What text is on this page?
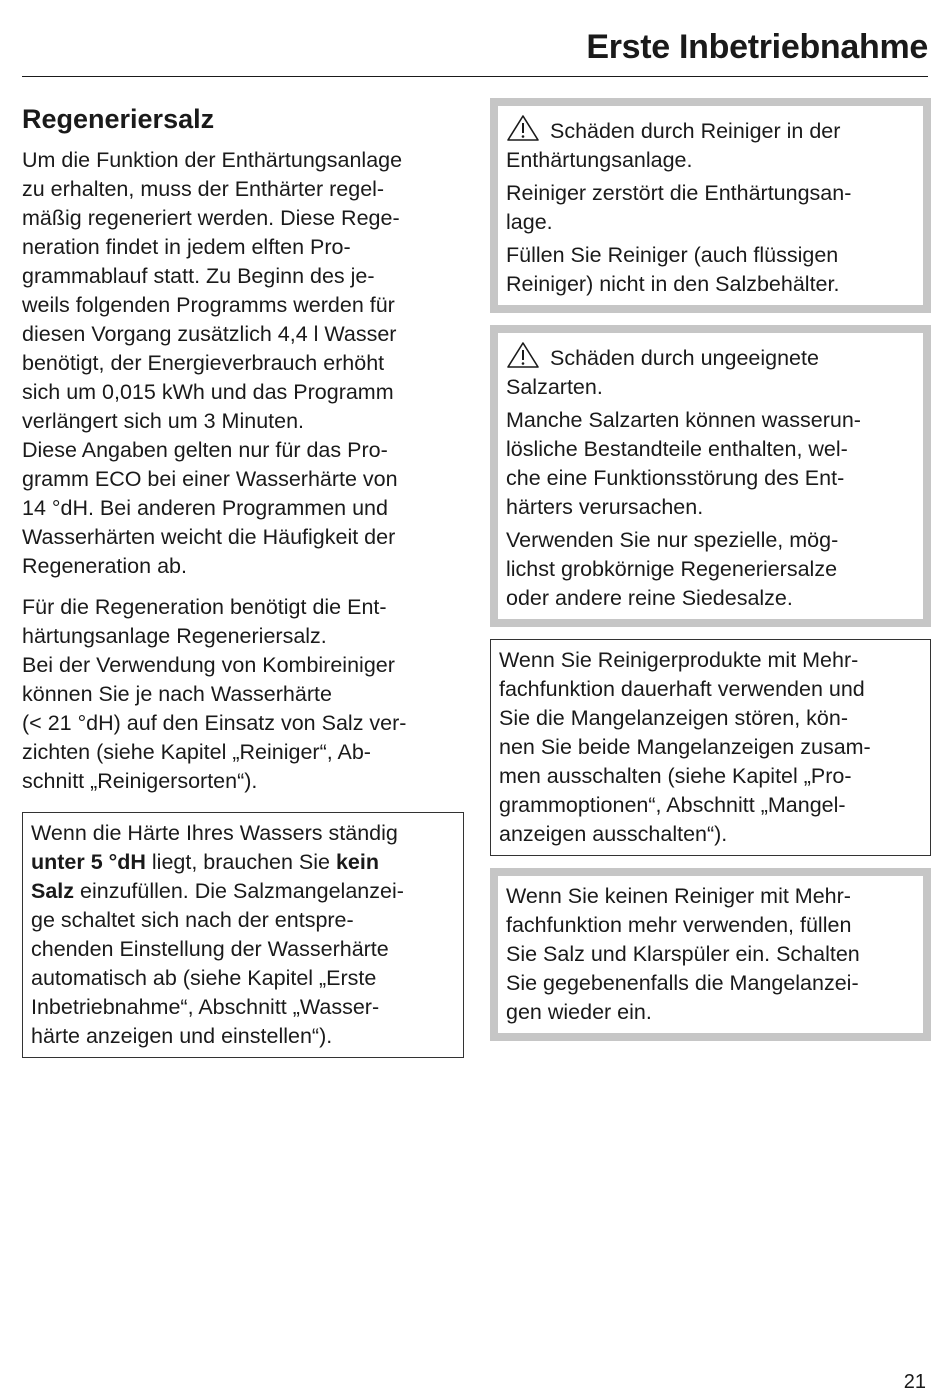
Erste Inbetriebnahme
Regeneriersalz

Um die Funktion der Enthärtungsanlage
zu erhalten, muss der Enthärter regel-
mäßig regeneriert werden. Diese Rege-
neration findet in jedem elften Pro-
grammablauf statt. Zu Beginn des je-
weils folgenden Programms werden für
diesen Vorgang zusätzlich 4,4 l Wasser
benötigt, der Energieverbrauch erhöht
sich um 0,015 kWh und das Programm
verlängert sich um 3 Minuten.
Diese Angaben gelten nur für das Pro-
gramm ECO bei einer Wasserhärte von
14 °dH. Bei anderen Programmen und
Wasserhärten weicht die Häufigkeit der
Regeneration ab.

Für die Regeneration benötigt die Ent-
härtungsanlage Regeneriersalz.
Bei der Verwendung von Kombireiniger
können Sie je nach Wasserhärte
(< 21 °dH) auf den Einsatz von Salz ver-
zichten (siehe Kapitel „Reiniger“, Ab-
schnitt „Reinigersorten“).

Wenn die Härte Ihres Wassers ständig
unter 5 °dH liegt, brauchen Sie kein
Salz einzufüllen. Die Salzmangelanzei-
ge schaltet sich nach der entspre-
chenden Einstellung der Wasserhärte
automatisch ab (siehe Kapitel „Erste
Inbetriebnahme“, Abschnitt „Wasser-
härte anzeigen und einstellen“).

Schäden durch Reiniger in der
Enthärtungsanlage.

Reiniger zerstört die Enthärtungsan-
lage.

Füllen Sie Reiniger (auch flüssigen
Reiniger) nicht in den Salzbehälter.

Schäden durch ungeeignete
Salzarten.

Manche Salzarten können wasserun-
lösliche Bestandteile enthalten, wel-
che eine Funktionsstörung des Ent-
härters verursachen.

Verwenden Sie nur spezielle, mög-
lichst grobkörnige Regeneriersalze
oder andere reine Siedesalze.

Wenn Sie Reinigerprodukte mit Mehr-
fachfunktion dauerhaft verwenden und
Sie die Mangelanzeigen stören, kön-
nen Sie beide Mangelanzeigen zusam-
men ausschalten (siehe Kapitel „Pro-
grammoptionen“, Abschnitt „Mangel-
anzeigen ausschalten“).
Wenn Sie keinen Reiniger mit Mehr-
fachfunktion mehr verwenden, füllen
Sie Salz und Klarspüler ein. Schalten
Sie gegebenenfalls die Mangelanzei-
gen wieder ein.
21
